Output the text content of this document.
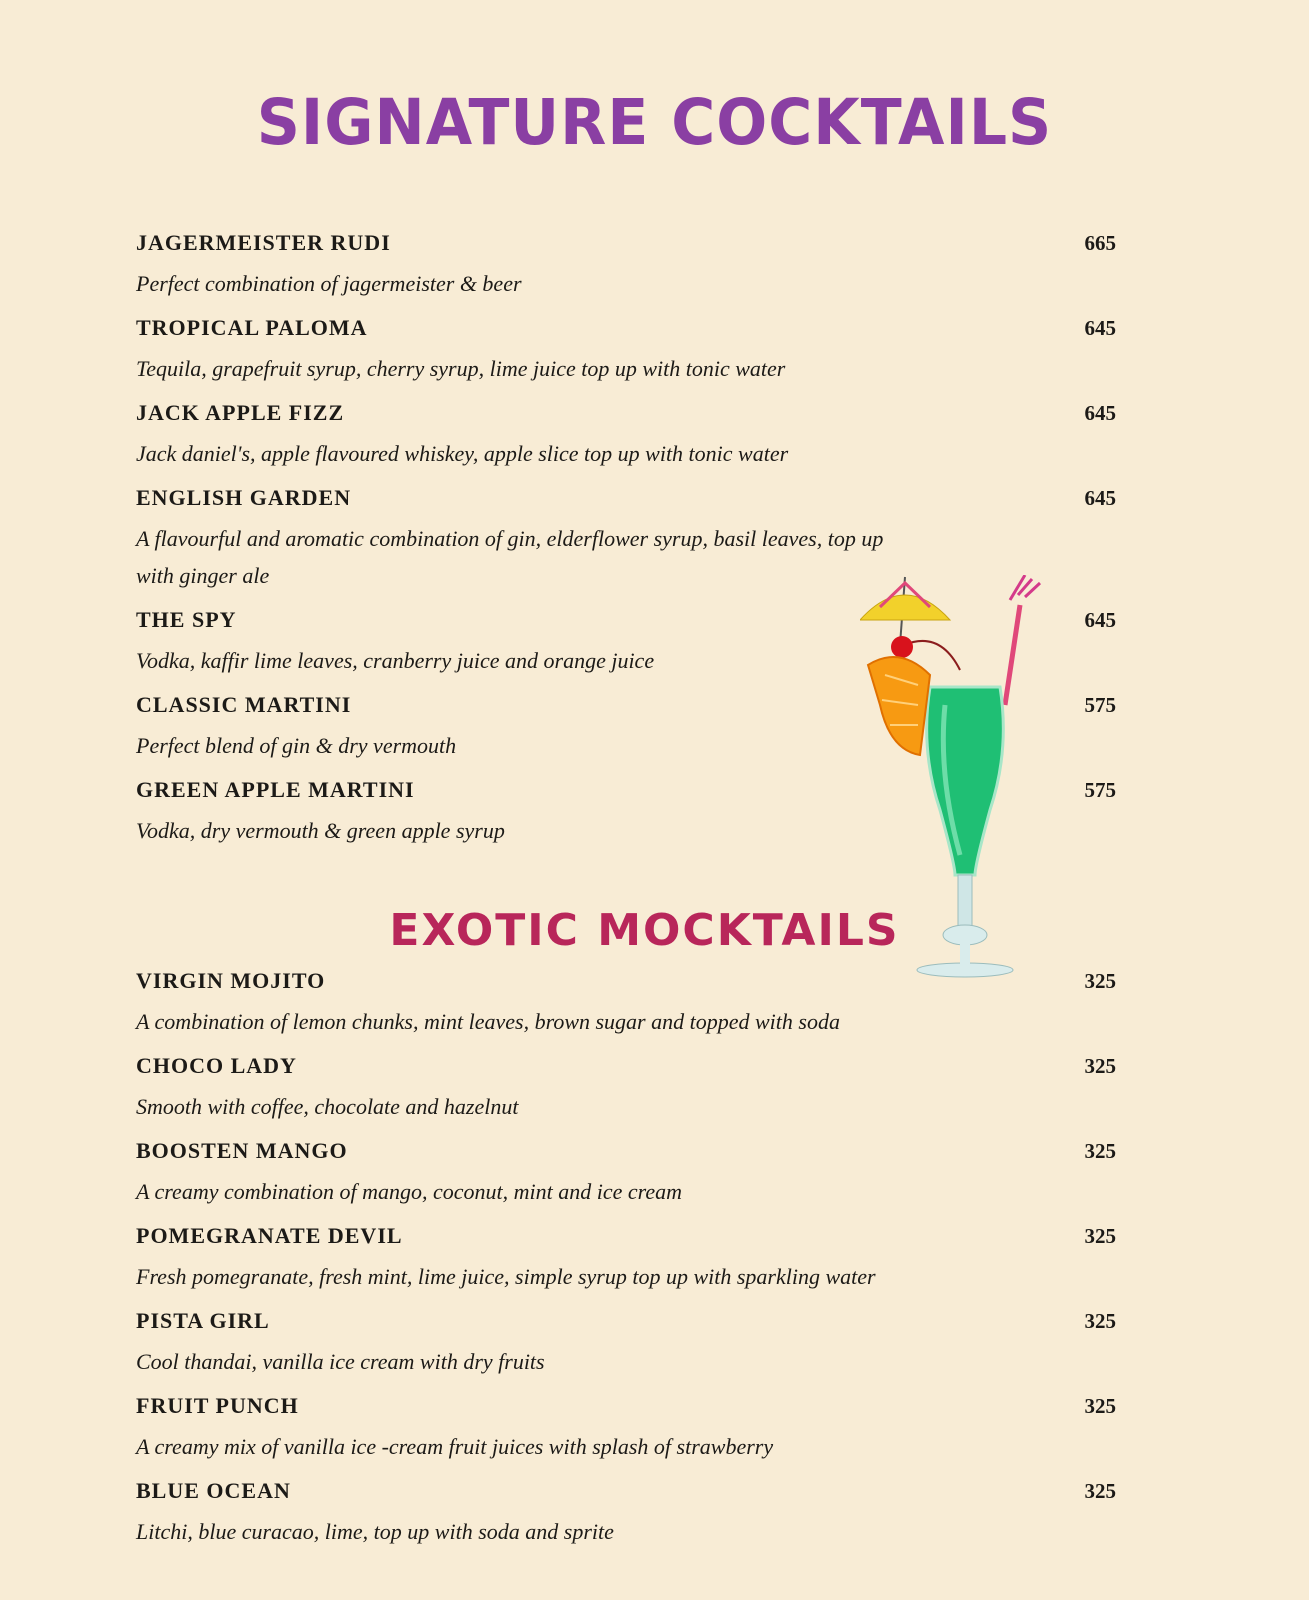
SIGNATURE COCKTAILS
JAGERMEISTER RUDI	665
Perfect combination of jagermeister & beer
TROPICAL PALOMA	645
Tequila, grapefruit syrup, cherry syrup, lime juice top up with tonic water
JACK APPLE FIZZ	645
Jack daniel's, apple flavoured whiskey, apple slice top up with tonic water
ENGLISH GARDEN	645
A flavourful and aromatic combination of gin, elderflower syrup, basil leaves, top up with ginger ale
THE SPY	645
Vodka, kaffir lime leaves, cranberry juice and orange juice
CLASSIC MARTINI	575
Perfect blend of gin & dry vermouth
GREEN APPLE MARTINI	575
Vodka, dry vermouth & green apple syrup
EXOTIC MOCKTAILS
VIRGIN MOJITO	325
A combination of lemon chunks, mint leaves, brown sugar and topped with soda
CHOCO LADY	325
Smooth with coffee, chocolate and hazelnut
BOOSTEN MANGO	325
A creamy combination of mango, coconut, mint and ice cream
POMEGRANATE DEVIL	325
Fresh pomegranate, fresh mint, lime juice, simple syrup top up with sparkling water
PISTA GIRL	325
Cool thandai, vanilla ice cream with dry fruits
FRUIT PUNCH	325
A creamy mix of vanilla ice -cream fruit juices with splash of strawberry
BLUE OCEAN	325
Litchi, blue curacao, lime, top up with soda and sprite
